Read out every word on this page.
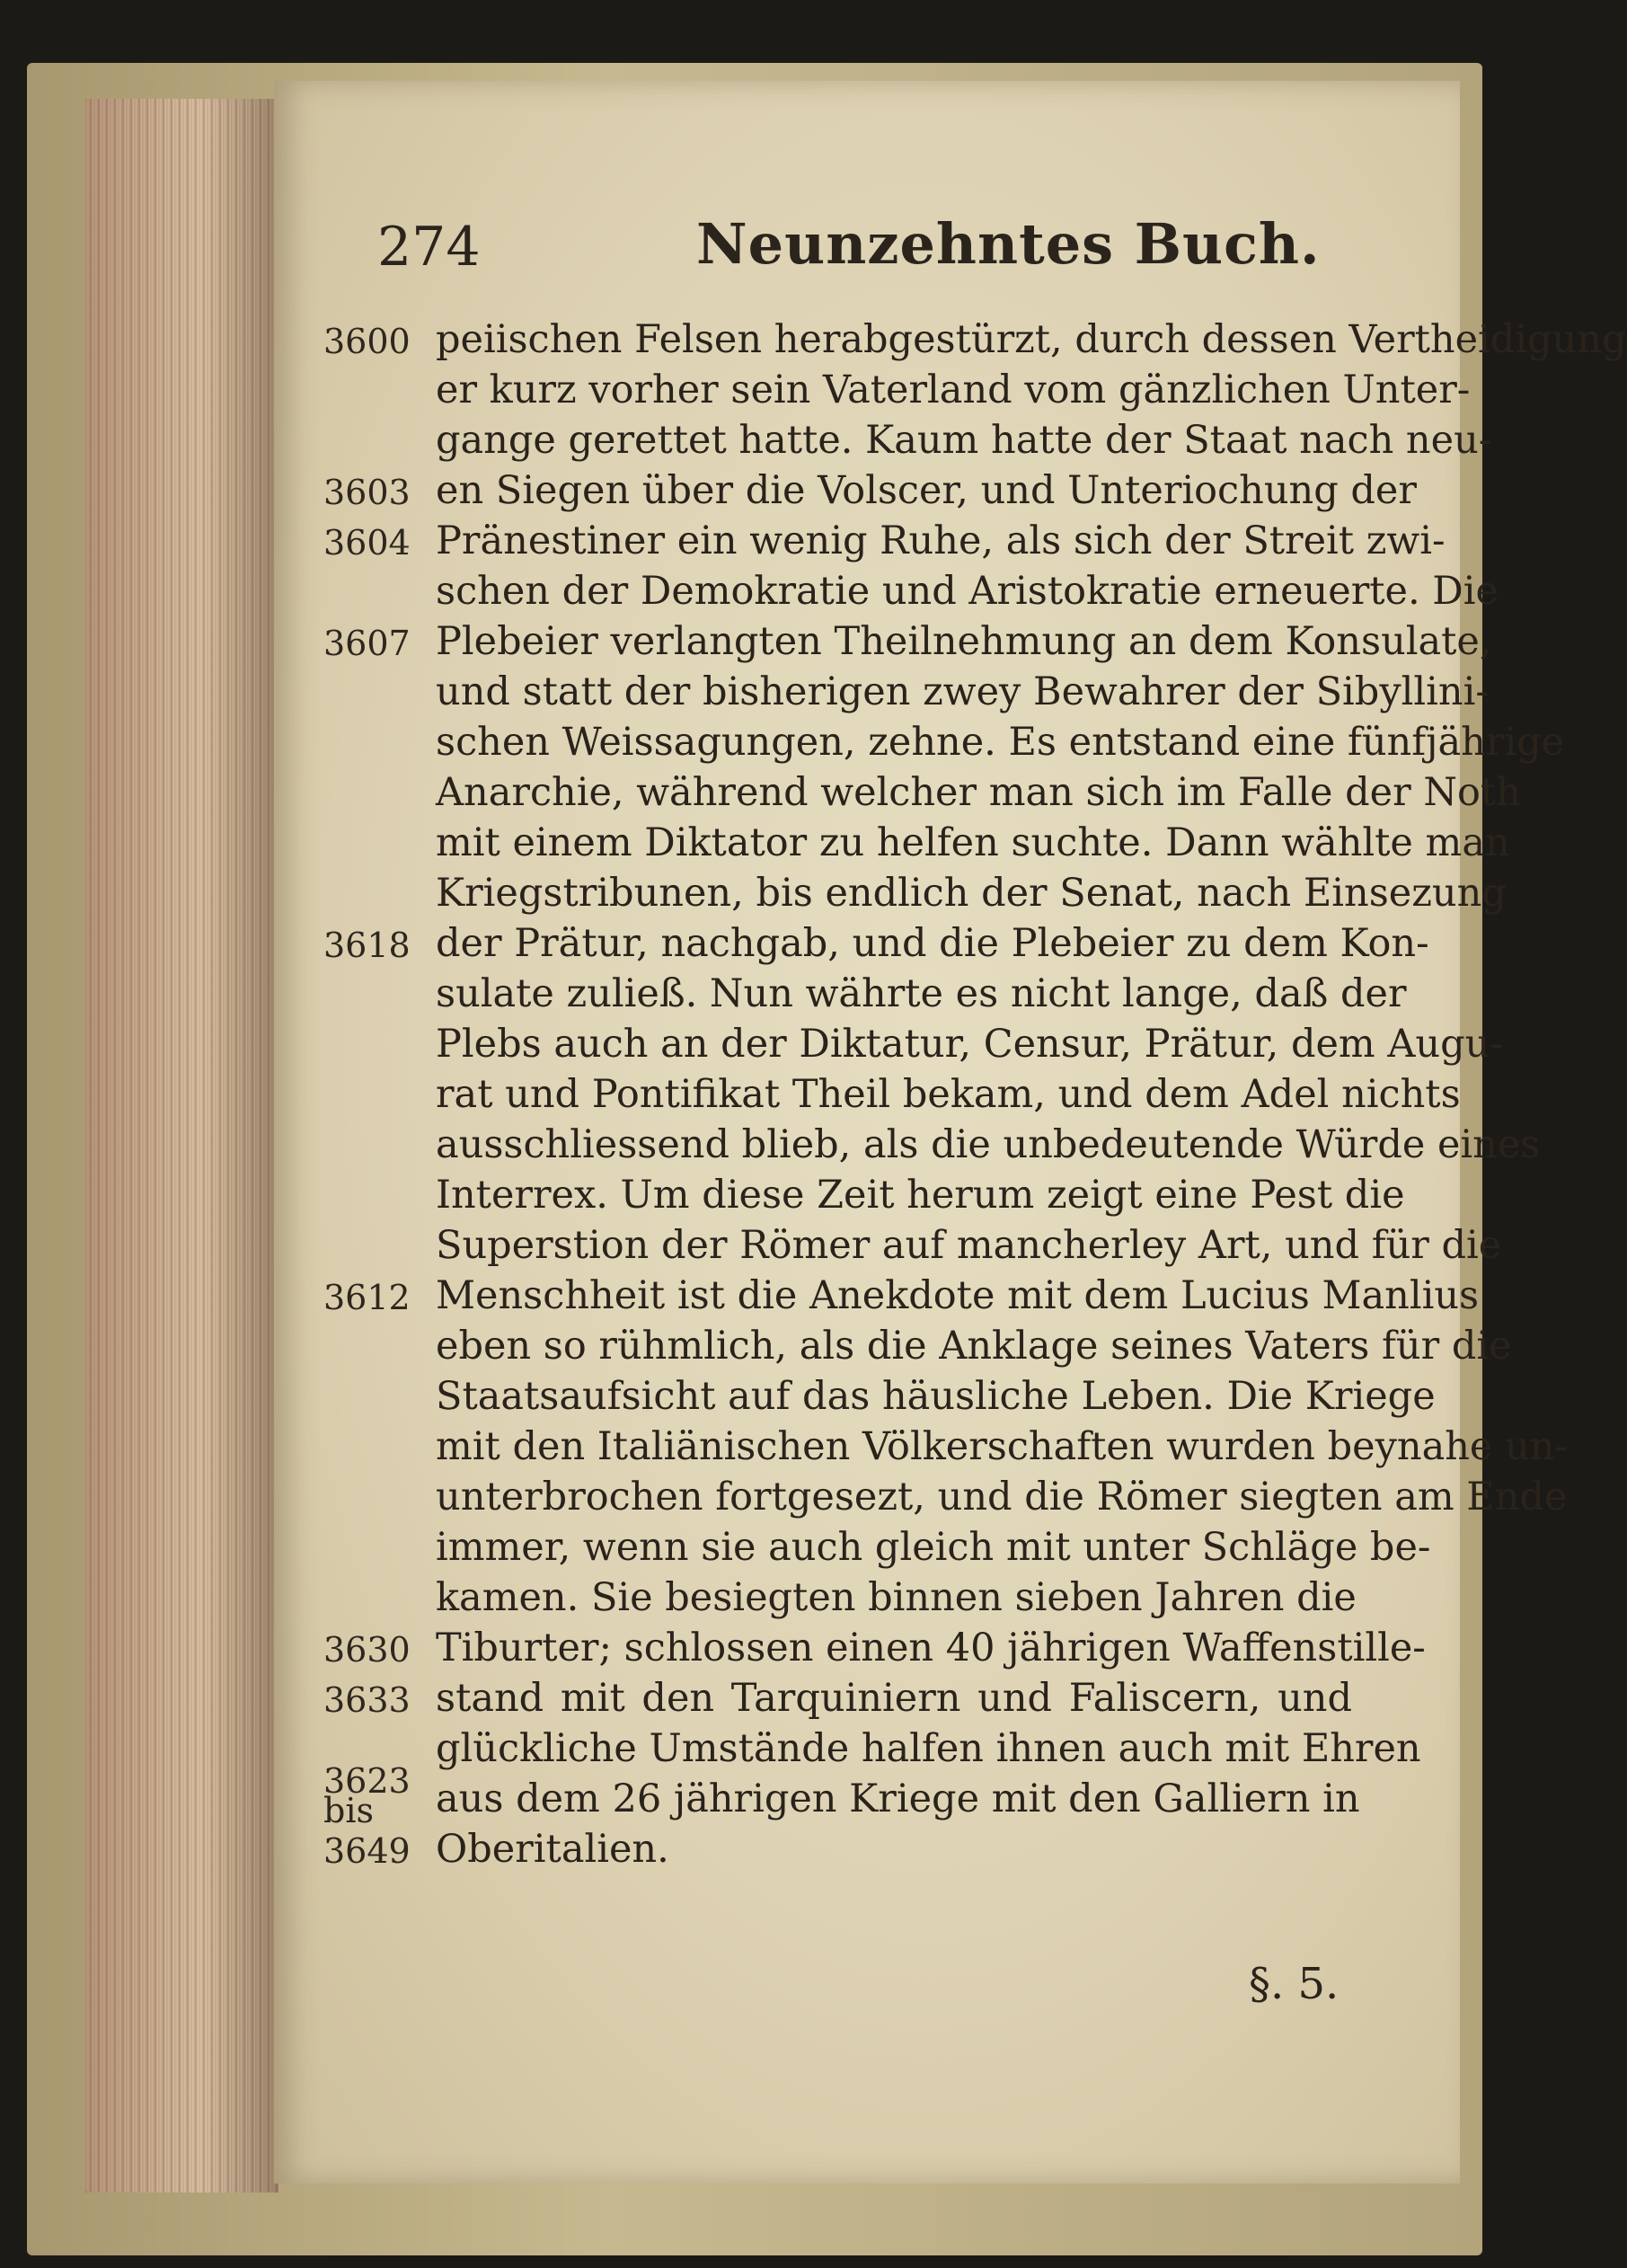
274	Neunzehntes Buch.
3600
3603
3604
3607
3618
3612
3630
3633
3623
bis
3649
peiischen Felsen herabgestürzt, durch dessen Vertheidigung
er kurz vorher sein Vaterland vom gänzlichen Unter-
gange gerettet hatte. Kaum hatte der Staat nach neu-
en Siegen über die Volscer, und Unteriochung der
Pränestiner ein wenig Ruhe, als sich der Streit zwi-
schen der Demokratie und Aristokratie erneuerte. Die
Plebeier verlangten Theilnehmung an dem Konsulate,
und statt der bisherigen zwey Bewahrer der Sibyllini-
schen Weissagungen, zehne. Es entstand eine fünfjährige
Anarchie, während welcher man sich im Falle der Noth
mit einem Diktator zu helfen suchte. Dann wählte man
Kriegstribunen, bis endlich der Senat, nach Einsezung
der Prätur, nachgab, und die Plebeier zu dem Kon-
sulate zuließ. Nun währte es nicht lange, daß der
Plebs auch an der Diktatur, Censur, Prätur, dem Augu-
rat und Pontifikat Theil bekam, und dem Adel nichts
ausschliessend blieb, als die unbedeutende Würde eines
Interrex. Um diese Zeit herum zeigt eine Pest die
Superstion der Römer auf mancherley Art, und für die
Menschheit ist die Anekdote mit dem Lucius Manlius
eben so rühmlich, als die Anklage seines Vaters für die
Staatsaufsicht auf das häusliche Leben. Die Kriege
mit den Italiänischen Völkerschaften wurden beynahe un-
unterbrochen fortgesezt, und die Römer siegten am Ende
immer, wenn sie auch gleich mit unter Schläge be-
kamen. Sie besiegten binnen sieben Jahren die
Tiburter; schlossen einen 40 jährigen Waffenstille-
stand mit den Tarquiniern und Faliscern, und
glückliche Umstände halfen ihnen auch mit Ehren
aus dem 26 jährigen Kriege mit den Galliern in
Oberitalien.
§. 5.
